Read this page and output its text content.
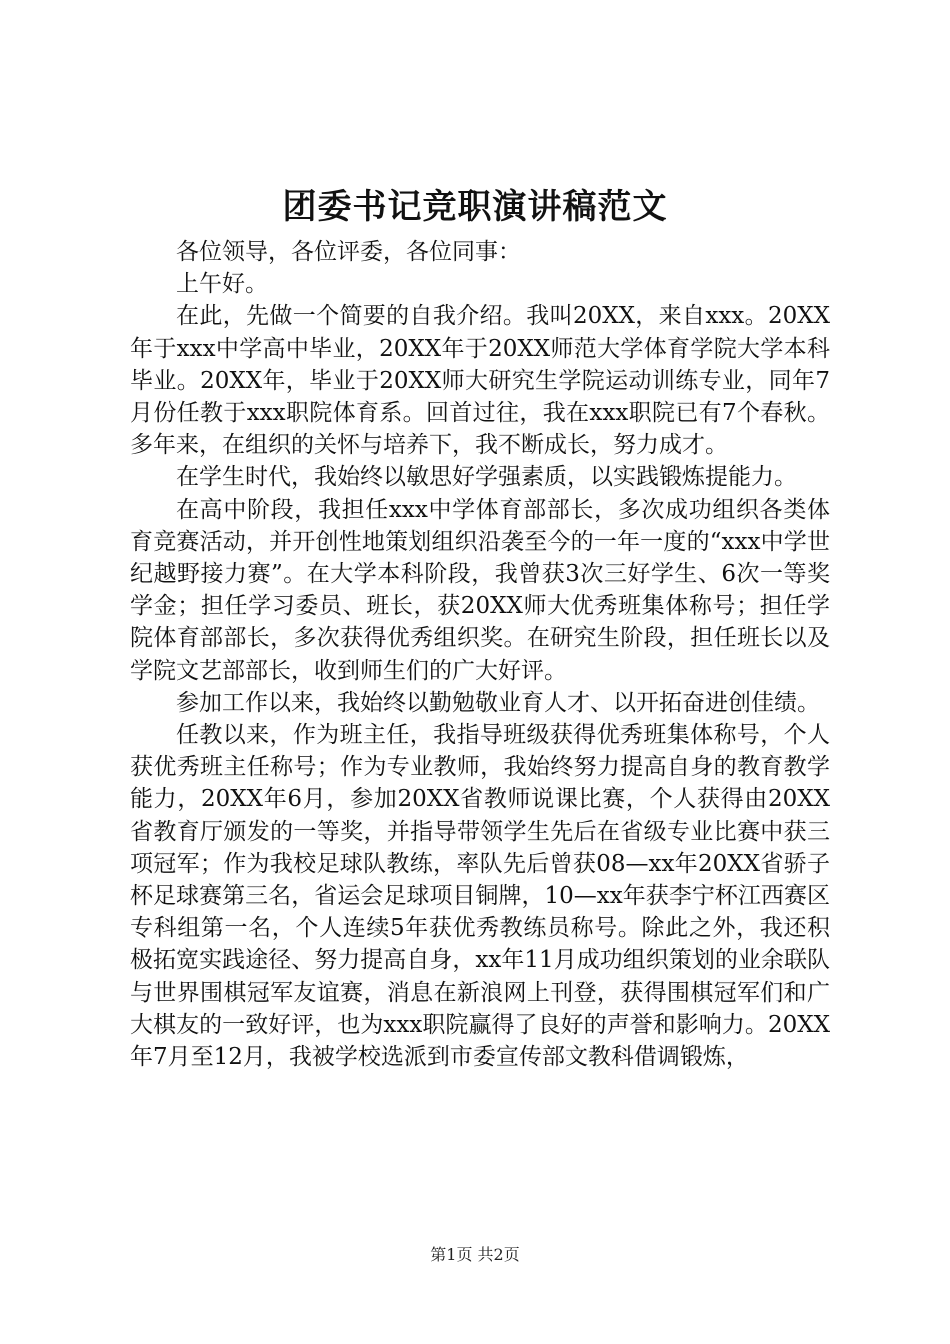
团委书记竞职演讲稿范文

各位领导，各位评委，各位同事：

上午好。

在此，先做一个简要的自我介绍。我叫20XX，来自xxx。20XX年于xxx中学高中毕业，20XX年于20XX师范大学体育学院大学本科毕业。20XX年，毕业于20XX师大研究生学院运动训练专业，同年7月份任教于xxx职院体育系。回首过往，我在xxx职院已有7个春秋。多年来，在组织的关怀与培养下，我不断成长，努力成才。

在学生时代，我始终以敏思好学强素质，以实践锻炼提能力。

在高中阶段，我担任xxx中学体育部部长，多次成功组织各类体育竞赛活动，并开创性地策划组织沿袭至今的一年一度的“xxx中学世纪越野接力赛”。在大学本科阶段，我曾获3次三好学生、6次一等奖学金；担任学习委员、班长，获20XX师大优秀班集体称号；担任学院体育部部长，多次获得优秀组织奖。在研究生阶段，担任班长以及学院文艺部部长，收到师生们的广大好评。

参加工作以来，我始终以勤勉敬业育人才、以开拓奋进创佳绩。

任教以来，作为班主任，我指导班级获得优秀班集体称号，个人获优秀班主任称号；作为专业教师，我始终努力提高自身的教育教学能力，20XX年6月，参加20XX省教师说课比赛，个人获得由20XX省教育厅颁发的一等奖，并指导带领学生先后在省级专业比赛中获三项冠军；作为我校足球队教练，率队先后曾获08—xx年20XX省骄子杯足球赛第三名，省运会足球项目铜牌，10—xx年获李宁杯江西赛区专科组第一名，个人连续5年获优秀教练员称号。除此之外，我还积极拓宽实践途径、努力提高自身，xx年11月成功组织策划的业余联队与世界围棋冠军友谊赛，消息在新浪网上刊登，获得围棋冠军们和广大棋友的一致好评，也为xxx职院赢得了良好的声誉和影响力。20XX年7月至12月，我被学校选派到市委宣传部文教科借调锻炼，

第1页 共2页
